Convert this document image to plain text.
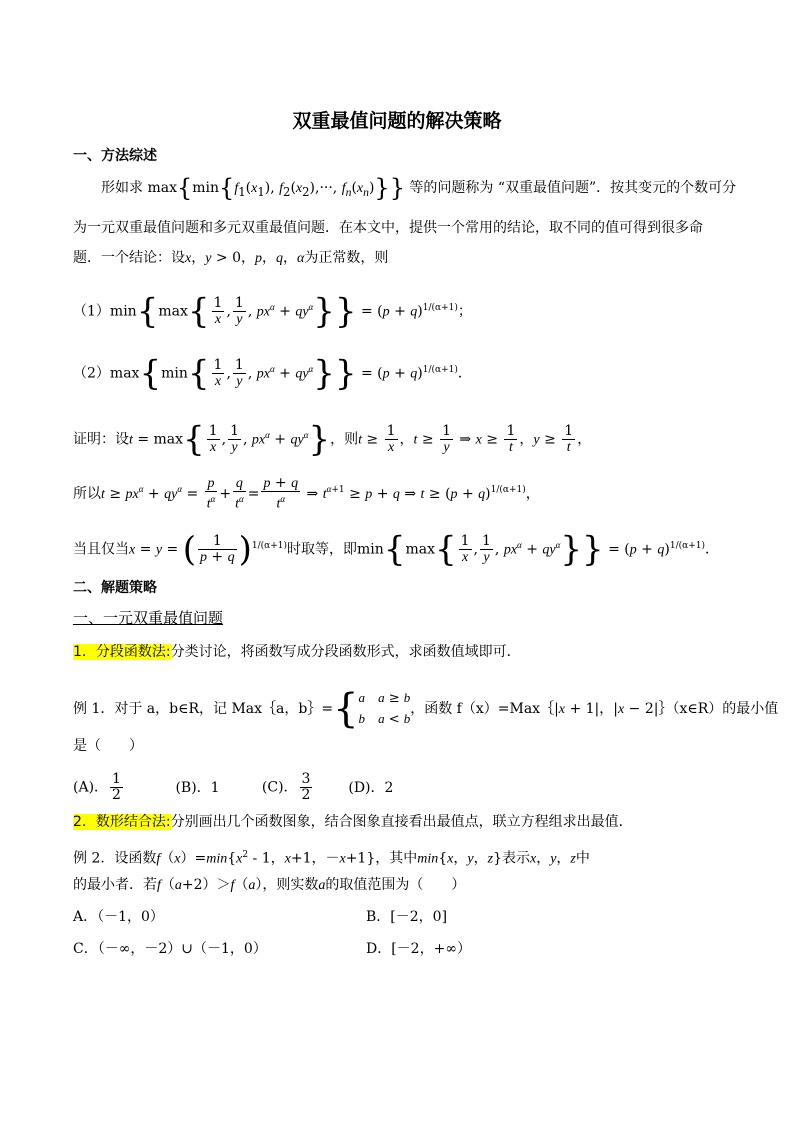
双重最值问题的解决策略
一、方法综述
形如求 $\max\{\min\{f_1(x_1)$, $f_2(x_2),\cdot\cdot\cdot$, $f_n(x_n)$}} 等的问题称为 “双重最值问题”．按其变元的个数可分
为一元双重最值问题和多元双重最值问题．在本文中，提供一个常用的结论，取不同的值可得到很多命
题．一个结论：设x，y > 0，p，q，α为正常数，则
$(1)\min\{\max\{ \frac{1}{x}$ , $\frac{1}{y}$ , $px^\alpha + qy^\alpha\}\} = (p + q)^{1/(\alpha+1)}$；
$(2)\max\{\min\{ \frac{1}{x}$ , $\frac{1}{y}$ , $px^\alpha + qy^\alpha\}\} = (p + q)^{1/(\alpha+1)}$．
证明：设$t = \max\{ \frac{1}{x}$ , $\frac{1}{y}$ , $px^\alpha + qy^\alpha$}，则$t \ge \frac{1}{x}$ ，$t \ge \frac{1}{y}$ ⇒ $x \ge \frac{1}{t}$ ，$y \ge \frac{1}{t}$ ，
所以$t \ge px^\alpha + qy^\alpha = \frac{p}{t^\alpha} + \frac{q}{t^\alpha} = \frac{p + q}{t^\alpha}$ ⇒ $t^{\alpha+1} \ge p + q$ ⇒ $t \ge (p + q)^{1/(\alpha+1)}$，
当且仅当x = y = ( $\frac{1}{p + q} )^{1/(\alpha+1)}$时取等，即$\min\{\max\{ \frac{1}{x}$ , $\frac{1}{y}$ , $px^\alpha + qy^\alpha\}\} = (p + q)^{1/(\alpha+1)}$．
二、解题策略
一、一元双重最值问题
1．分段函数法:分类讨论，将函数写成分段函数形式，求函数值域即可．
例 1．对于 a，b∈R，记 Max｛a，b｝={ a　 a ≥ b
b　 a < b
，函数 f（x）=Max｛|x + 1|，|x − 2|｝（x∈R）的最小值
是（　　）
(A)． $\frac{1}{2}$	(B)．1	(C)． $\frac{3}{2}$	(D)．2
2．数形结合法:分别画出几个函数图象，结合图象直接看出最值点，联立方程组求出最值．
例 2．设函数$f(x)=\min\{x^2 - 1$，x+1，－x+1}，其中min{x，y，z}表示x，y，z中
的最小者．若f（a+2）＞f（a），则实数a的取值范围为（　　）
A．（－1，0）	B．[－2，0]
C．（－∞，－2）∪（－1，0）	D．[－2，+∞）
